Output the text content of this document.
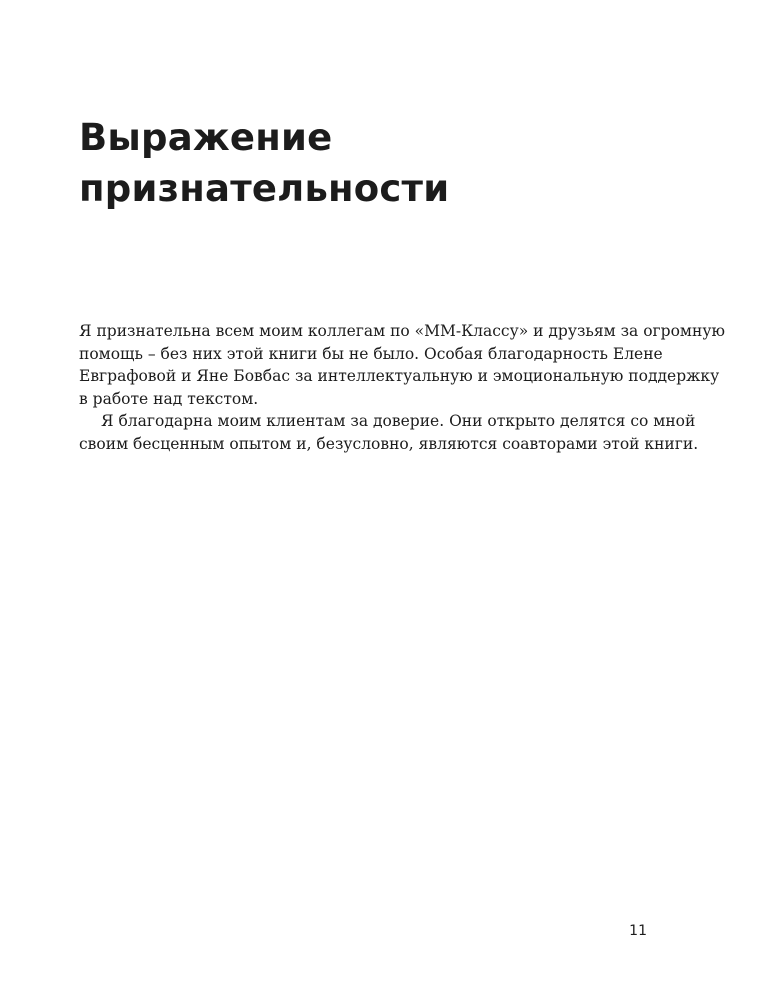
Выражение
признательности
Я признательна всем моим коллегам по «ММ-Классу» и друзьям за огромную
помощь – без них этой книги бы не было. Особая благодарность Елене
Евграфовой и Яне Бовбас за интеллектуальную и эмоциональную поддержку
в работе над текстом.
Я благодарна моим клиентам за доверие. Они открыто делятся со мной
своим бесценным опытом и, безусловно, являются соавторами этой книги.
11
